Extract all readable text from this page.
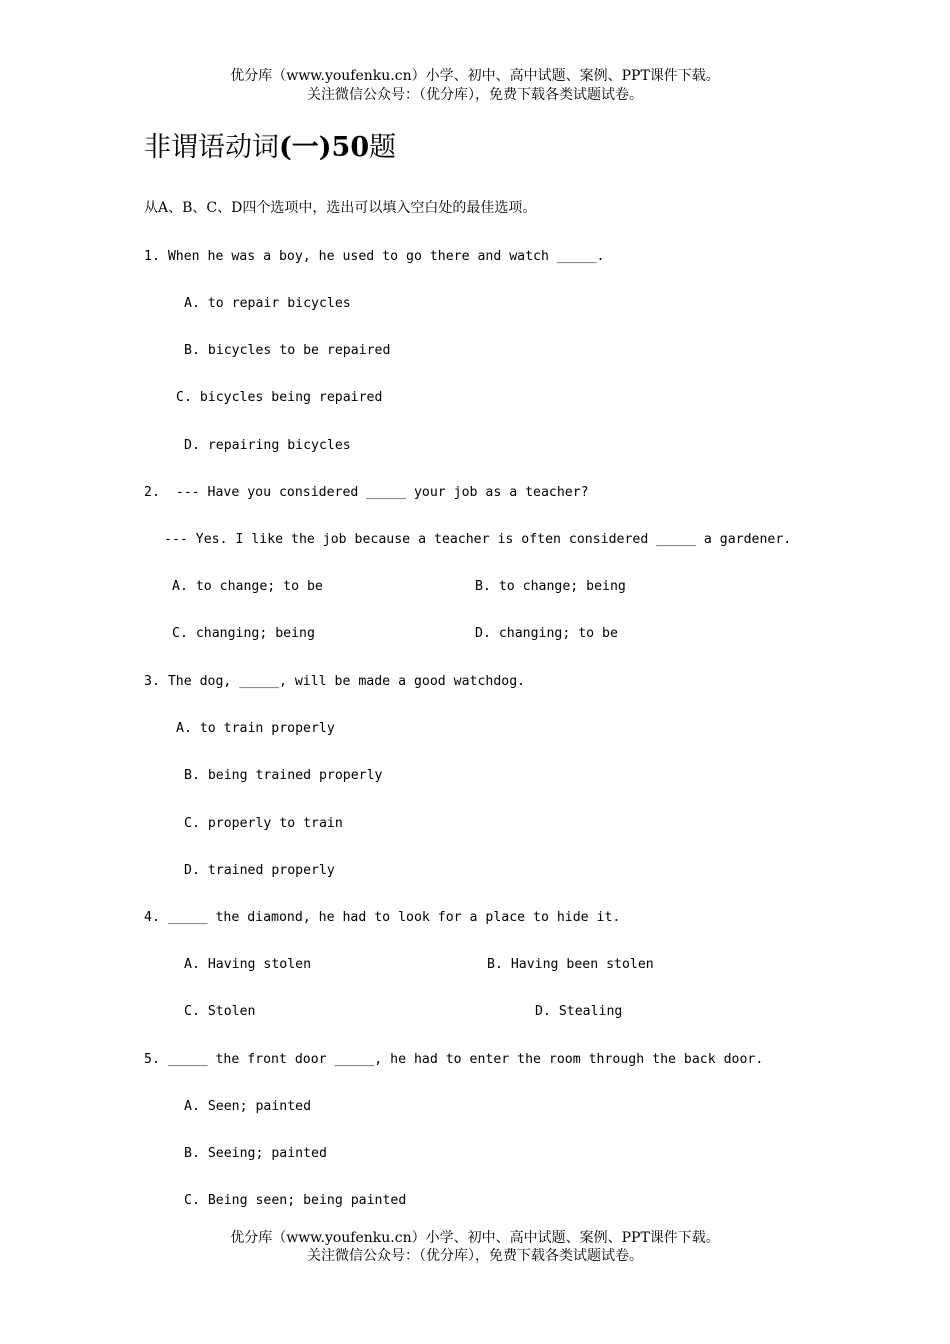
优分库（www.youfenku.cn）小学、初中、高中试题、案例、PPT课件下载。
关注微信公众号：（优分库），免费下载各类试题试卷。
非谓语动词(一)50题
从A、B、C、D四个选项中，选出可以填入空白处的最佳选项。
1. When he was a boy, he used to go there and watch _____.
A. to repair bicycles
B. bicycles to be repaired
C. bicycles being repaired
D. repairing bicycles
2.  --- Have you considered _____ your job as a teacher?
--- Yes. I like the job because a teacher is often considered _____ a gardener.
A. to change; to be	B. to change; being
C. changing; being	D. changing; to be
3. The dog, _____, will be made a good watchdog.
A. to train properly
B. being trained properly
C. properly to train
D. trained properly
4. _____ the diamond, he had to look for a place to hide it.
A. Having stolen	B. Having been stolen
C. Stolen	D. Stealing
5. _____ the front door _____, he had to enter the room through the back door.
A. Seen; painted
B. Seeing; painted
C. Being seen; being painted
优分库（www.youfenku.cn）小学、初中、高中试题、案例、PPT课件下载。
关注微信公众号：（优分库），免费下载各类试题试卷。
